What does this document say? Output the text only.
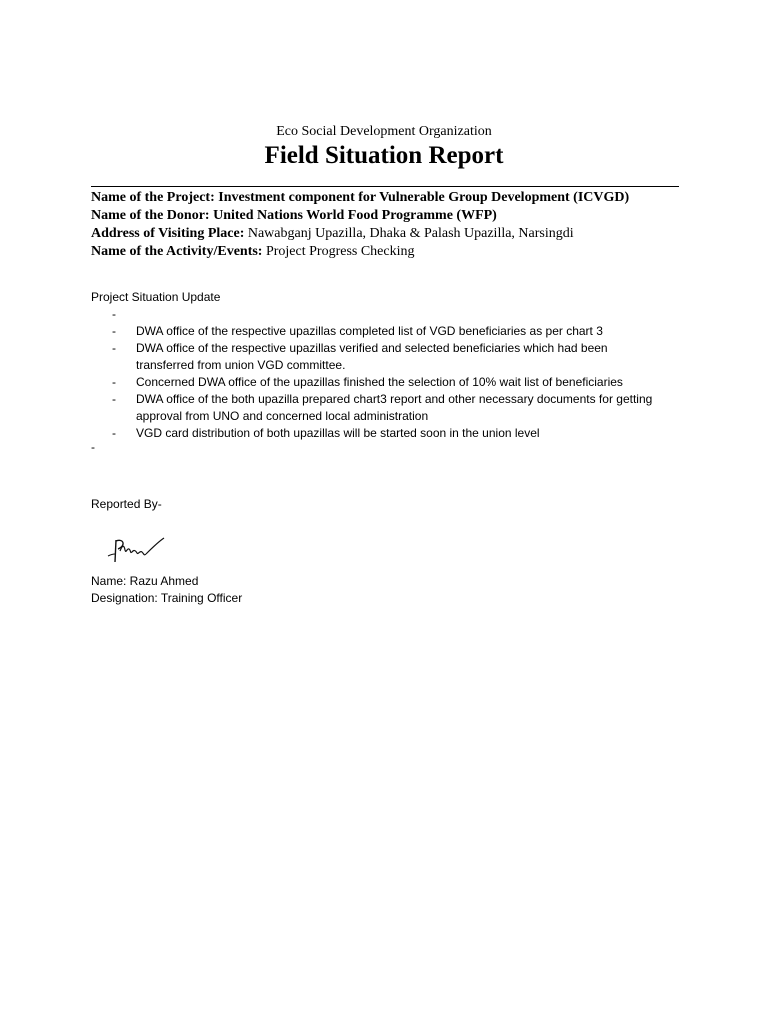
Eco Social Development Organization
Field Situation Report
Name of the Project: Investment component for Vulnerable Group Development (ICVGD)
Name of the Donor: United Nations World Food Programme (WFP)
Address of Visiting Place: Nawabganj Upazilla, Dhaka & Palash Upazilla, Narsingdi
Name of the Activity/Events: Project Progress Checking
Project Situation Update
-

- DWA office of the respective upazillas completed list of VGD beneficiaries as per chart 3
- DWA office of the respective upazillas verified and selected beneficiaries which had been transferred from union VGD committee.
- Concerned DWA office of the upazillas finished the selection of 10% wait list of beneficiaries
- DWA office of the both upazilla prepared chart3 report and other necessary documents for getting approval from UNO and concerned local administration
- VGD card distribution of both upazillas will be started soon in the union level
-
Reported By-
Name: Razu Ahmed
Designation: Training Officer
